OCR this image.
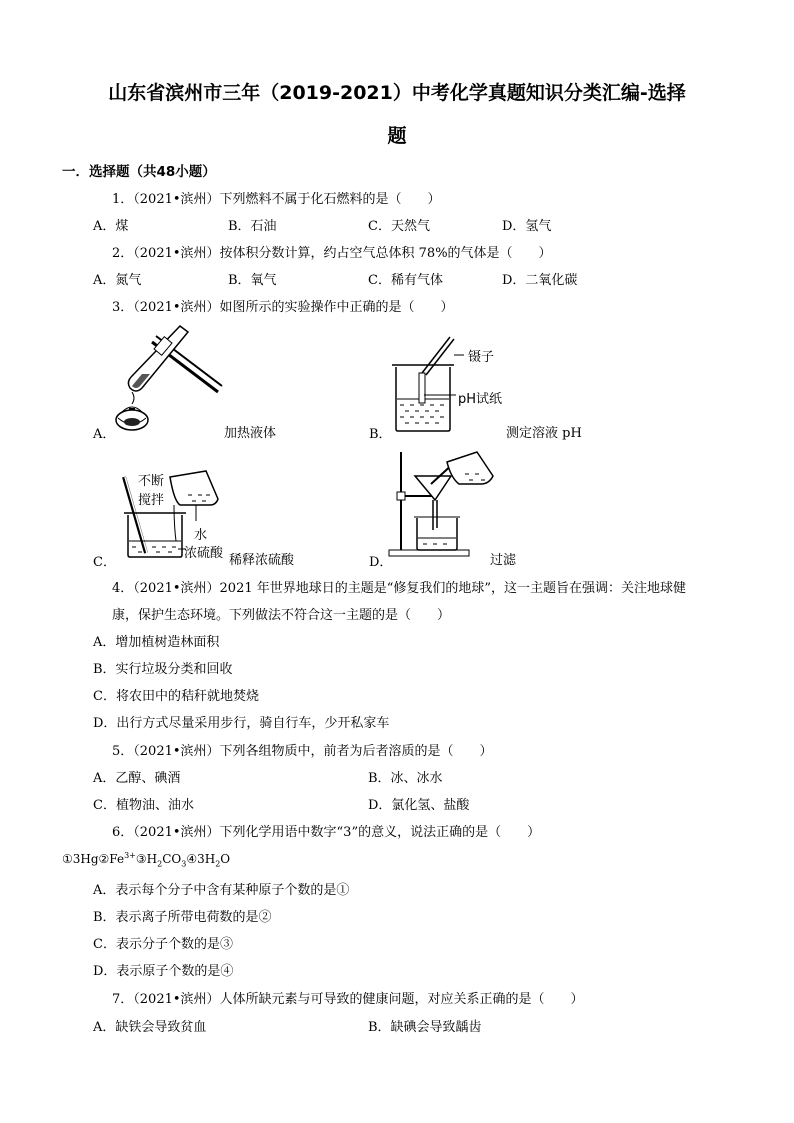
山东省滨州市三年（2019-2021）中考化学真题知识分类汇编-选择
题
一．选择题（共48小题）
1．（2021•滨州）下列燃料不属于化石燃料的是（　　）
A．煤	B．石油	C．天然气	D．氢气
2．（2021•滨州）按体积分数计算，约占空气总体积 78%的气体是（　　）
A．氮气	B．氧气	C．稀有气体	D．二氧化碳
3．（2021•滨州）如图所示的实验操作中正确的是（　　）
A．	加热液体
镊子
pH试纸
B．	测定溶液 pH
不断
搅拌
水
浓硫酸
C．	稀释浓硫酸	D．	过滤
4．（2021•滨州）2021 年世界地球日的主题是“修复我们的地球”，这一主题旨在强调：关注地球健
康，保护生态环境。下列做法不符合这一主题的是（　　）
A．增加植树造林面积
B．实行垃圾分类和回收
C．将农田中的秸秆就地焚烧
D．出行方式尽量采用步行，骑自行车，少开私家车
5．（2021•滨州）下列各组物质中，前者为后者溶质的是（　　）
A．乙醇、碘酒	B．冰、冰水
C．植物油、油水	D．氯化氢、盐酸
6．（2021•滨州）下列化学用语中数字“3”的意义，说法正确的是（　　）
$①3Hg②Fe^{3+}③H_2CO_3④3H_2O$
A．表示每个分子中含有某种原子个数的是①
B．表示离子所带电荷数的是②
C．表示分子个数的是③
D．表示原子个数的是④
7．（2021•滨州）人体所缺元素与可导致的健康问题，对应关系正确的是（　　）
A．缺铁会导致贫血	B．缺碘会导致龋齿
